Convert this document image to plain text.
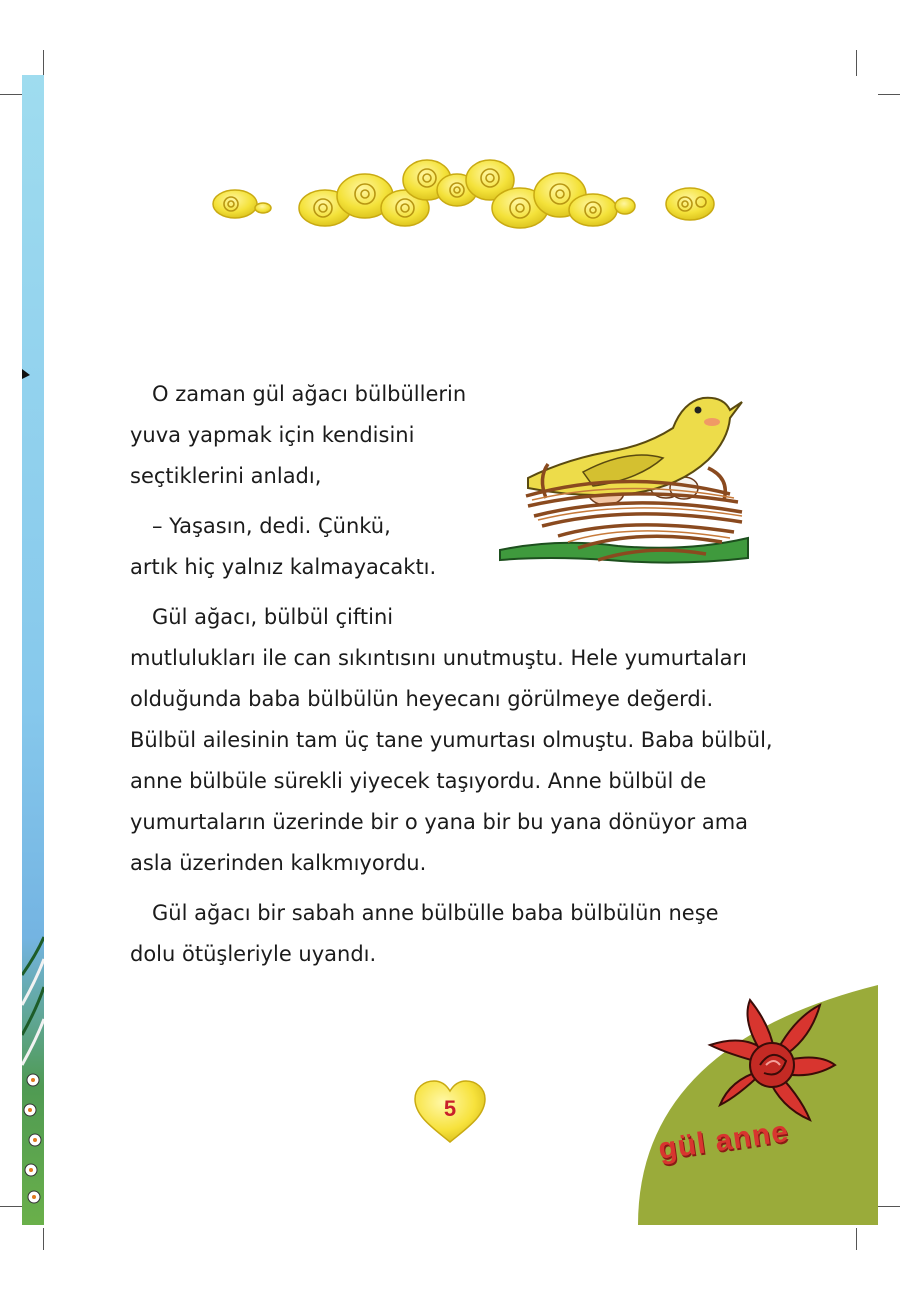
O zaman gül ağacı bülbüllerin
yuva yapmak için kendisini
seçtiklerini anladı,

– Yaşasın, dedi. Çünkü,
artık hiç yalnız kalmayacaktı.

Gül ağacı, bülbül çiftini
mutlulukları ile can sıkıntısını unutmuştu. Hele yumurtaları
olduğunda baba bülbülün heyecanı görülmeye değerdi.
Bülbül ailesinin tam üç tane yumurtası olmuştu. Baba bülbül,
anne bülbüle sürekli yiyecek taşıyordu. Anne bülbül de
yumurtaların üzerinde bir o yana bir bu yana dönüyor ama
asla üzerinden kalkmıyordu.

Gül ağacı bir sabah anne bülbülle baba bülbülün neşe
dolu ötüşleriyle uyandı.

5
gül anne
